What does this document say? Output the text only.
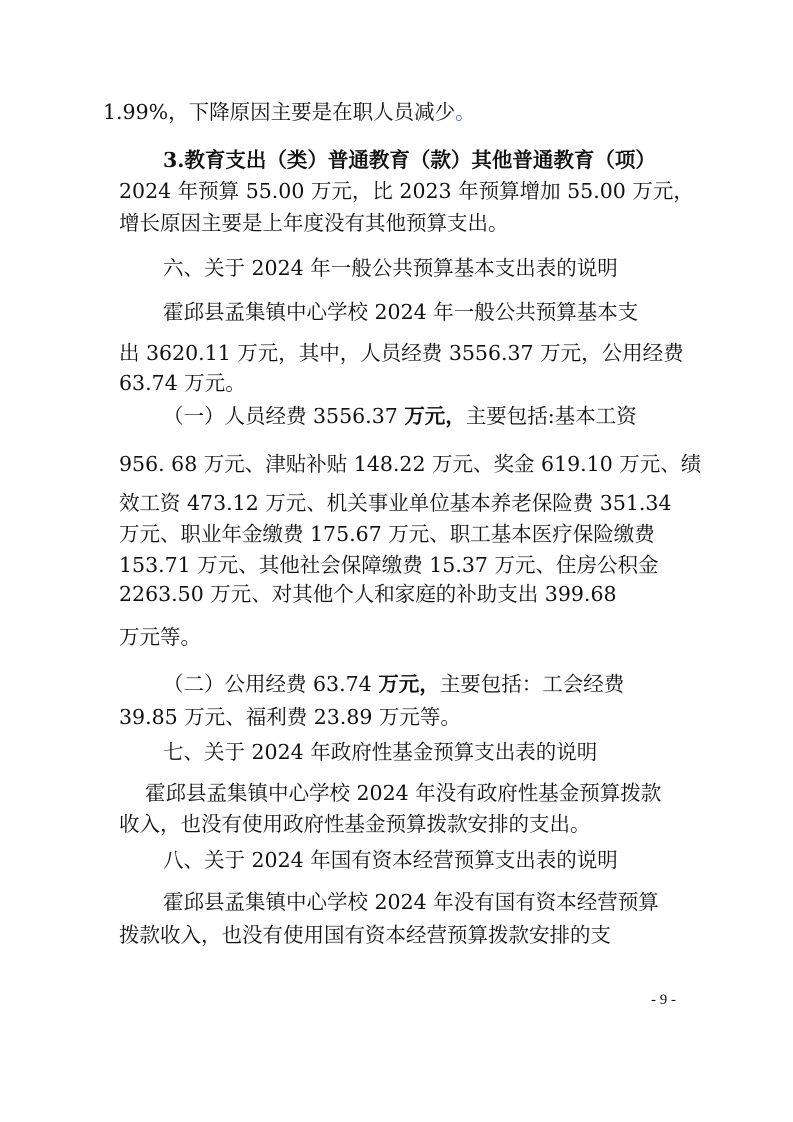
1.99%，下降原因主要是在职人员减少。
3.教育支出（类）普通教育（款）其他普通教育（项）
2024 年预算 55.00 万元，比 2023 年预算增加 55.00 万元，
增长原因主要是上年度没有其他预算支出。
六、关于 2024 年一般公共预算基本支出表的说明
霍邱县孟集镇中心学校 2024 年一般公共预算基本支
出 3620.11 万元，其中，人员经费 3556.37 万元，公用经费
63.74 万元。
（一）人员经费 3556.37 万元，主要包括:基本工资
956. 68 万元、津贴补贴 148.22 万元、奖金 619.10 万元、绩
效工资 473.12 万元、机关事业单位基本养老保险费 351.34
万元、职业年金缴费 175.67 万元、职工基本医疗保险缴费
153.71 万元、其他社会保障缴费 15.37 万元、住房公积金
2263.50 万元、对其他个人和家庭的补助支出 399.68
万元等。
（二）公用经费 63.74 万元，主要包括：工会经费
39.85 万元、福利费 23.89 万元等。
七、关于 2024 年政府性基金预算支出表的说明
霍邱县孟集镇中心学校 2024 年没有政府性基金预算拨款
收入，也没有使用政府性基金预算拨款安排的支出。
八、关于 2024 年国有资本经营预算支出表的说明
霍邱县孟集镇中心学校 2024 年没有国有资本经营预算
拨款收入，也没有使用国有资本经营预算拨款安排的支
- 9 -
